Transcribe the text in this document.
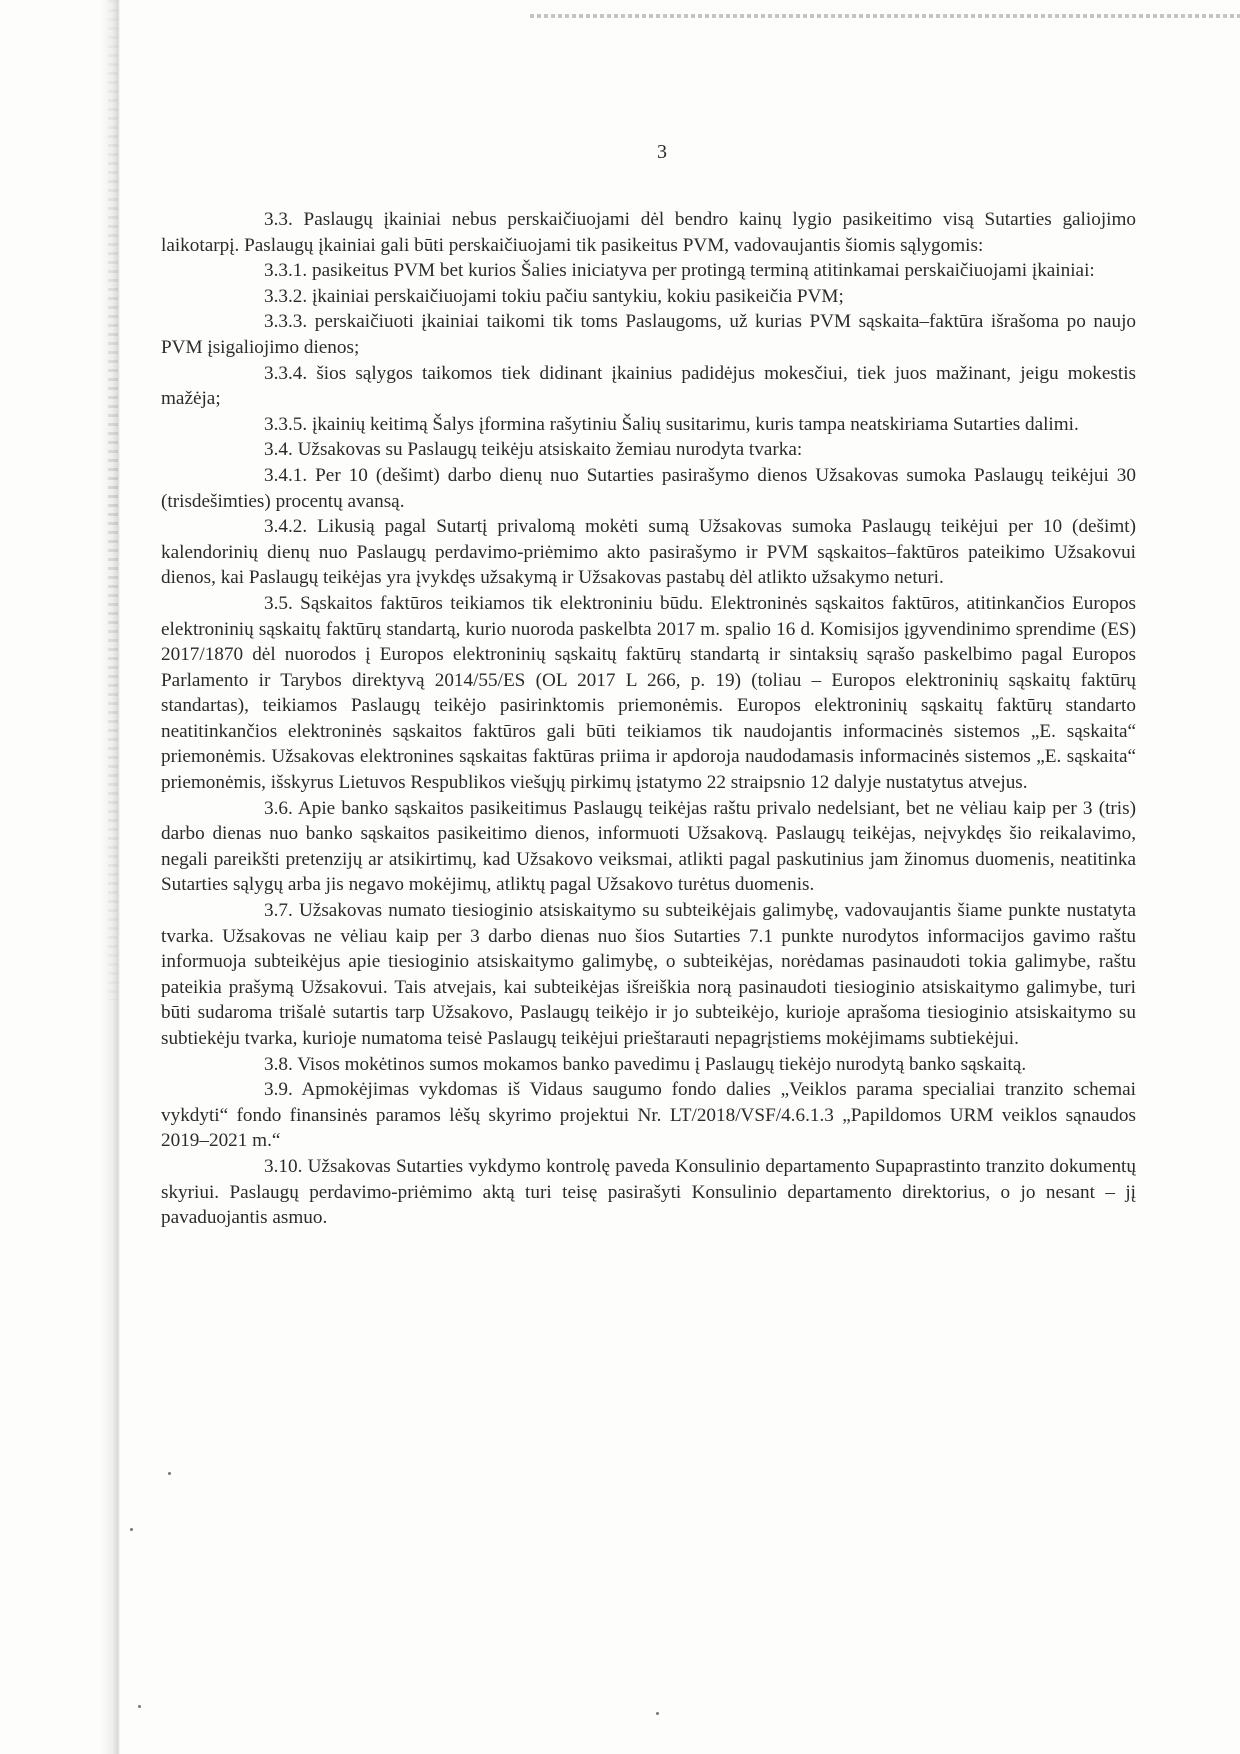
3

3.3. Paslaugų įkainiai nebus perskaičiuojami dėl bendro kainų lygio pasikeitimo visą Sutarties galiojimo laikotarpį. Paslaugų įkainiai gali būti perskaičiuojami tik pasikeitus PVM, vadovaujantis šiomis sąlygomis:

3.3.1. pasikeitus PVM bet kurios Šalies iniciatyva per protingą terminą atitinkamai perskaičiuojami įkainiai:

3.3.2. įkainiai perskaičiuojami tokiu pačiu santykiu, kokiu pasikeičia PVM;

3.3.3. perskaičiuoti įkainiai taikomi tik toms Paslaugoms, už kurias PVM sąskaita–faktūra išrašoma po naujo PVM įsigaliojimo dienos;

3.3.4. šios sąlygos taikomos tiek didinant įkainius padidėjus mokesčiui, tiek juos mažinant, jeigu mokestis mažėja;

3.3.5. įkainių keitimą Šalys įformina rašytiniu Šalių susitarimu, kuris tampa neatskiriama Sutarties dalimi.

3.4. Užsakovas su Paslaugų teikėju atsiskaito žemiau nurodyta tvarka:

3.4.1. Per 10 (dešimt) darbo dienų nuo Sutarties pasirašymo dienos Užsakovas sumoka Paslaugų teikėjui 30 (trisdešimties) procentų avansą.

3.4.2. Likusią pagal Sutartį privalomą mokėti sumą Užsakovas sumoka Paslaugų teikėjui per 10 (dešimt) kalendorinių dienų nuo Paslaugų perdavimo-priėmimo akto pasirašymo ir PVM sąskaitos–faktūros pateikimo Užsakovui dienos, kai Paslaugų teikėjas yra įvykdęs užsakymą ir Užsakovas pastabų dėl atlikto užsakymo neturi.

3.5. Sąskaitos faktūros teikiamos tik elektroniniu būdu. Elektroninės sąskaitos faktūros, atitinkančios Europos elektroninių sąskaitų faktūrų standartą, kurio nuoroda paskelbta 2017 m. spalio 16 d. Komisijos įgyvendinimo sprendime (ES) 2017/1870 dėl nuorodos į Europos elektroninių sąskaitų faktūrų standartą ir sintaksių sąrašo paskelbimo pagal Europos Parlamento ir Tarybos direktyvą 2014/55/ES (OL 2017 L 266, p. 19) (toliau – Europos elektroninių sąskaitų faktūrų standartas), teikiamos Paslaugų teikėjo pasirinktomis priemonėmis. Europos elektroninių sąskaitų faktūrų standarto neatitinkančios elektroninės sąskaitos faktūros gali būti teikiamos tik naudojantis informacinės sistemos „E. sąskaita“ priemonėmis. Užsakovas elektronines sąskaitas faktūras priima ir apdoroja naudodamasis informacinės sistemos „E. sąskaita“ priemonėmis, išskyrus Lietuvos Respublikos viešųjų pirkimų įstatymo 22 straipsnio 12 dalyje nustatytus atvejus.

3.6. Apie banko sąskaitos pasikeitimus Paslaugų teikėjas raštu privalo nedelsiant, bet ne vėliau kaip per 3 (tris) darbo dienas nuo banko sąskaitos pasikeitimo dienos, informuoti Užsakovą. Paslaugų teikėjas, neįvykdęs šio reikalavimo, negali pareikšti pretenzijų ar atsikirtimų, kad Užsakovo veiksmai, atlikti pagal paskutinius jam žinomus duomenis, neatitinka Sutarties sąlygų arba jis negavo mokėjimų, atliktų pagal Užsakovo turėtus duomenis.

3.7. Užsakovas numato tiesioginio atsiskaitymo su subteikėjais galimybę, vadovaujantis šiame punkte nustatyta tvarka. Užsakovas ne vėliau kaip per 3 darbo dienas nuo šios Sutarties 7.1 punkte nurodytos informacijos gavimo raštu informuoja subteikėjus apie tiesioginio atsiskaitymo galimybę, o subteikėjas, norėdamas pasinaudoti tokia galimybe, raštu pateikia prašymą Užsakovui. Tais atvejais, kai subteikėjas išreiškia norą pasinaudoti tiesioginio atsiskaitymo galimybe, turi būti sudaroma trišalė sutartis tarp Užsakovo, Paslaugų teikėjo ir jo subteikėjo, kurioje aprašoma tiesioginio atsiskaitymo su subtiekėju tvarka, kurioje numatoma teisė Paslaugų teikėjui prieštarauti nepagrįstiems mokėjimams subtiekėjui.

3.8. Visos mokėtinos sumos mokamos banko pavedimu į Paslaugų tiekėjo nurodytą banko sąskaitą.

3.9. Apmokėjimas vykdomas iš Vidaus saugumo fondo dalies „Veiklos parama specialiai tranzito schemai vykdyti“ fondo finansinės paramos lėšų skyrimo projektui Nr. LT/2018/VSF/4.6.1.3 „Papildomos URM veiklos sąnaudos 2019–2021 m.“

3.10. Užsakovas Sutarties vykdymo kontrolę paveda Konsulinio departamento Supaprastinto tranzito dokumentų skyriui. Paslaugų perdavimo-priėmimo aktą turi teisę pasirašyti Konsulinio departamento direktorius, o jo nesant – jį pavaduojantis asmuo.
